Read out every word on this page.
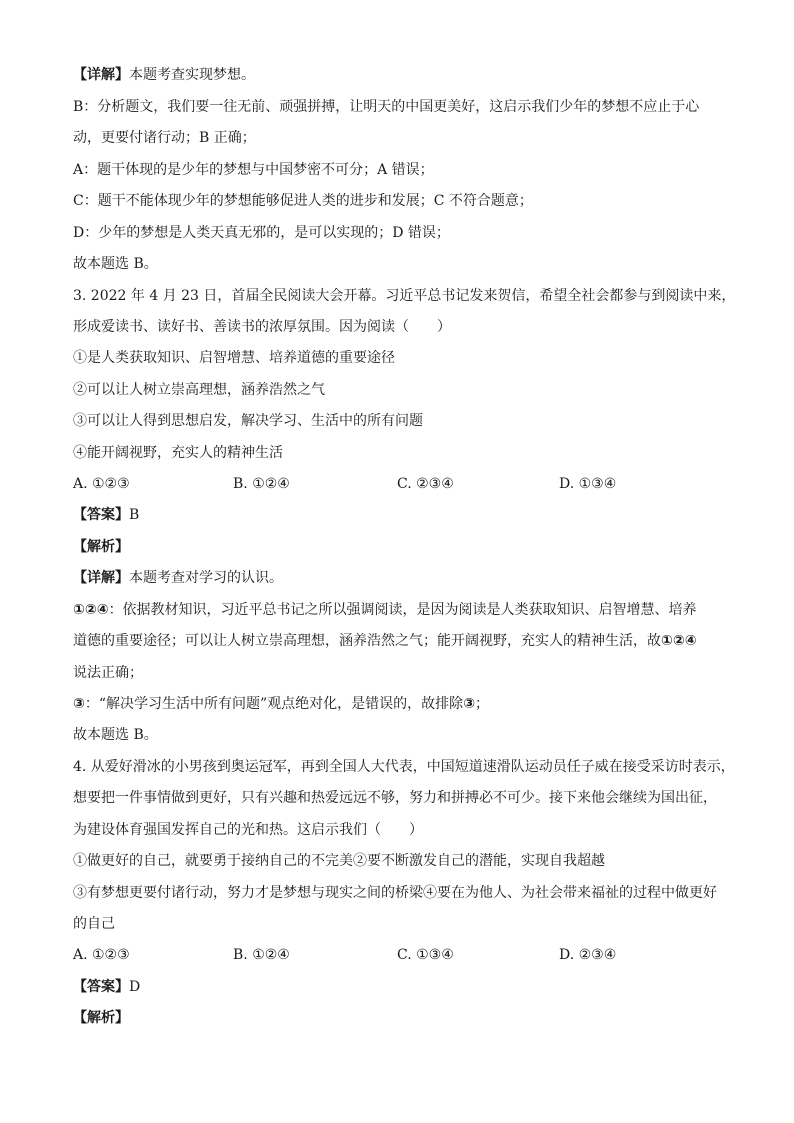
【详解】本题考查实现梦想。
B：分析题文，我们要一往无前、顽强拼搏，让明天的中国更美好，这启示我们少年的梦想不应止于心
动，更要付诸行动；B 正确；
A：题干体现的是少年的梦想与中国梦密不可分；A 错误；
C：题干不能体现少年的梦想能够促进人类的进步和发展；C 不符合题意；
D：少年的梦想是人类天真无邪的，是可以实现的；D 错误；
故本题选 B。
3. 2022 年 4 月 23 日，首届全民阅读大会开幕。习近平总书记发来贺信，希望全社会都参与到阅读中来，
形成爱读书、读好书、善读书的浓厚氛围。因为阅读（　　）
①是人类获取知识、启智增慧、培养道德的重要途径
②可以让人树立崇高理想，涵养浩然之气
③可以让人得到思想启发，解决学习、生活中的所有问题
④能开阔视野，充实人的精神生活
A. ①②③	B. ①②④	C. ②③④	D. ①③④
【答案】B
【解析】
【详解】本题考查对学习的认识。
①②④：依据教材知识，习近平总书记之所以强调阅读，是因为阅读是人类获取知识、启智增慧、培养
道德的重要途径；可以让人树立崇高理想，涵养浩然之气；能开阔视野，充实人的精神生活，故①②④
说法正确；
③：“解决学习生活中所有问题”观点绝对化，是错误的，故排除③；
故本题选 B。
4. 从爱好滑冰的小男孩到奥运冠军，再到全国人大代表，中国短道速滑队运动员任子威在接受采访时表示，
想要把一件事情做到更好，只有兴趣和热爱远远不够，努力和拼搏必不可少。接下来他会继续为国出征，
为建设体育强国发挥自己的光和热。这启示我们（　　）
①做更好的自己，就要勇于接纳自己的不完美②要不断激发自己的潜能，实现自我超越
③有梦想更要付诸行动，努力才是梦想与现实之间的桥梁④要在为他人、为社会带来福祉的过程中做更好
的自己
A. ①②③	B. ①②④	C. ①③④	D. ②③④
【答案】D
【解析】
